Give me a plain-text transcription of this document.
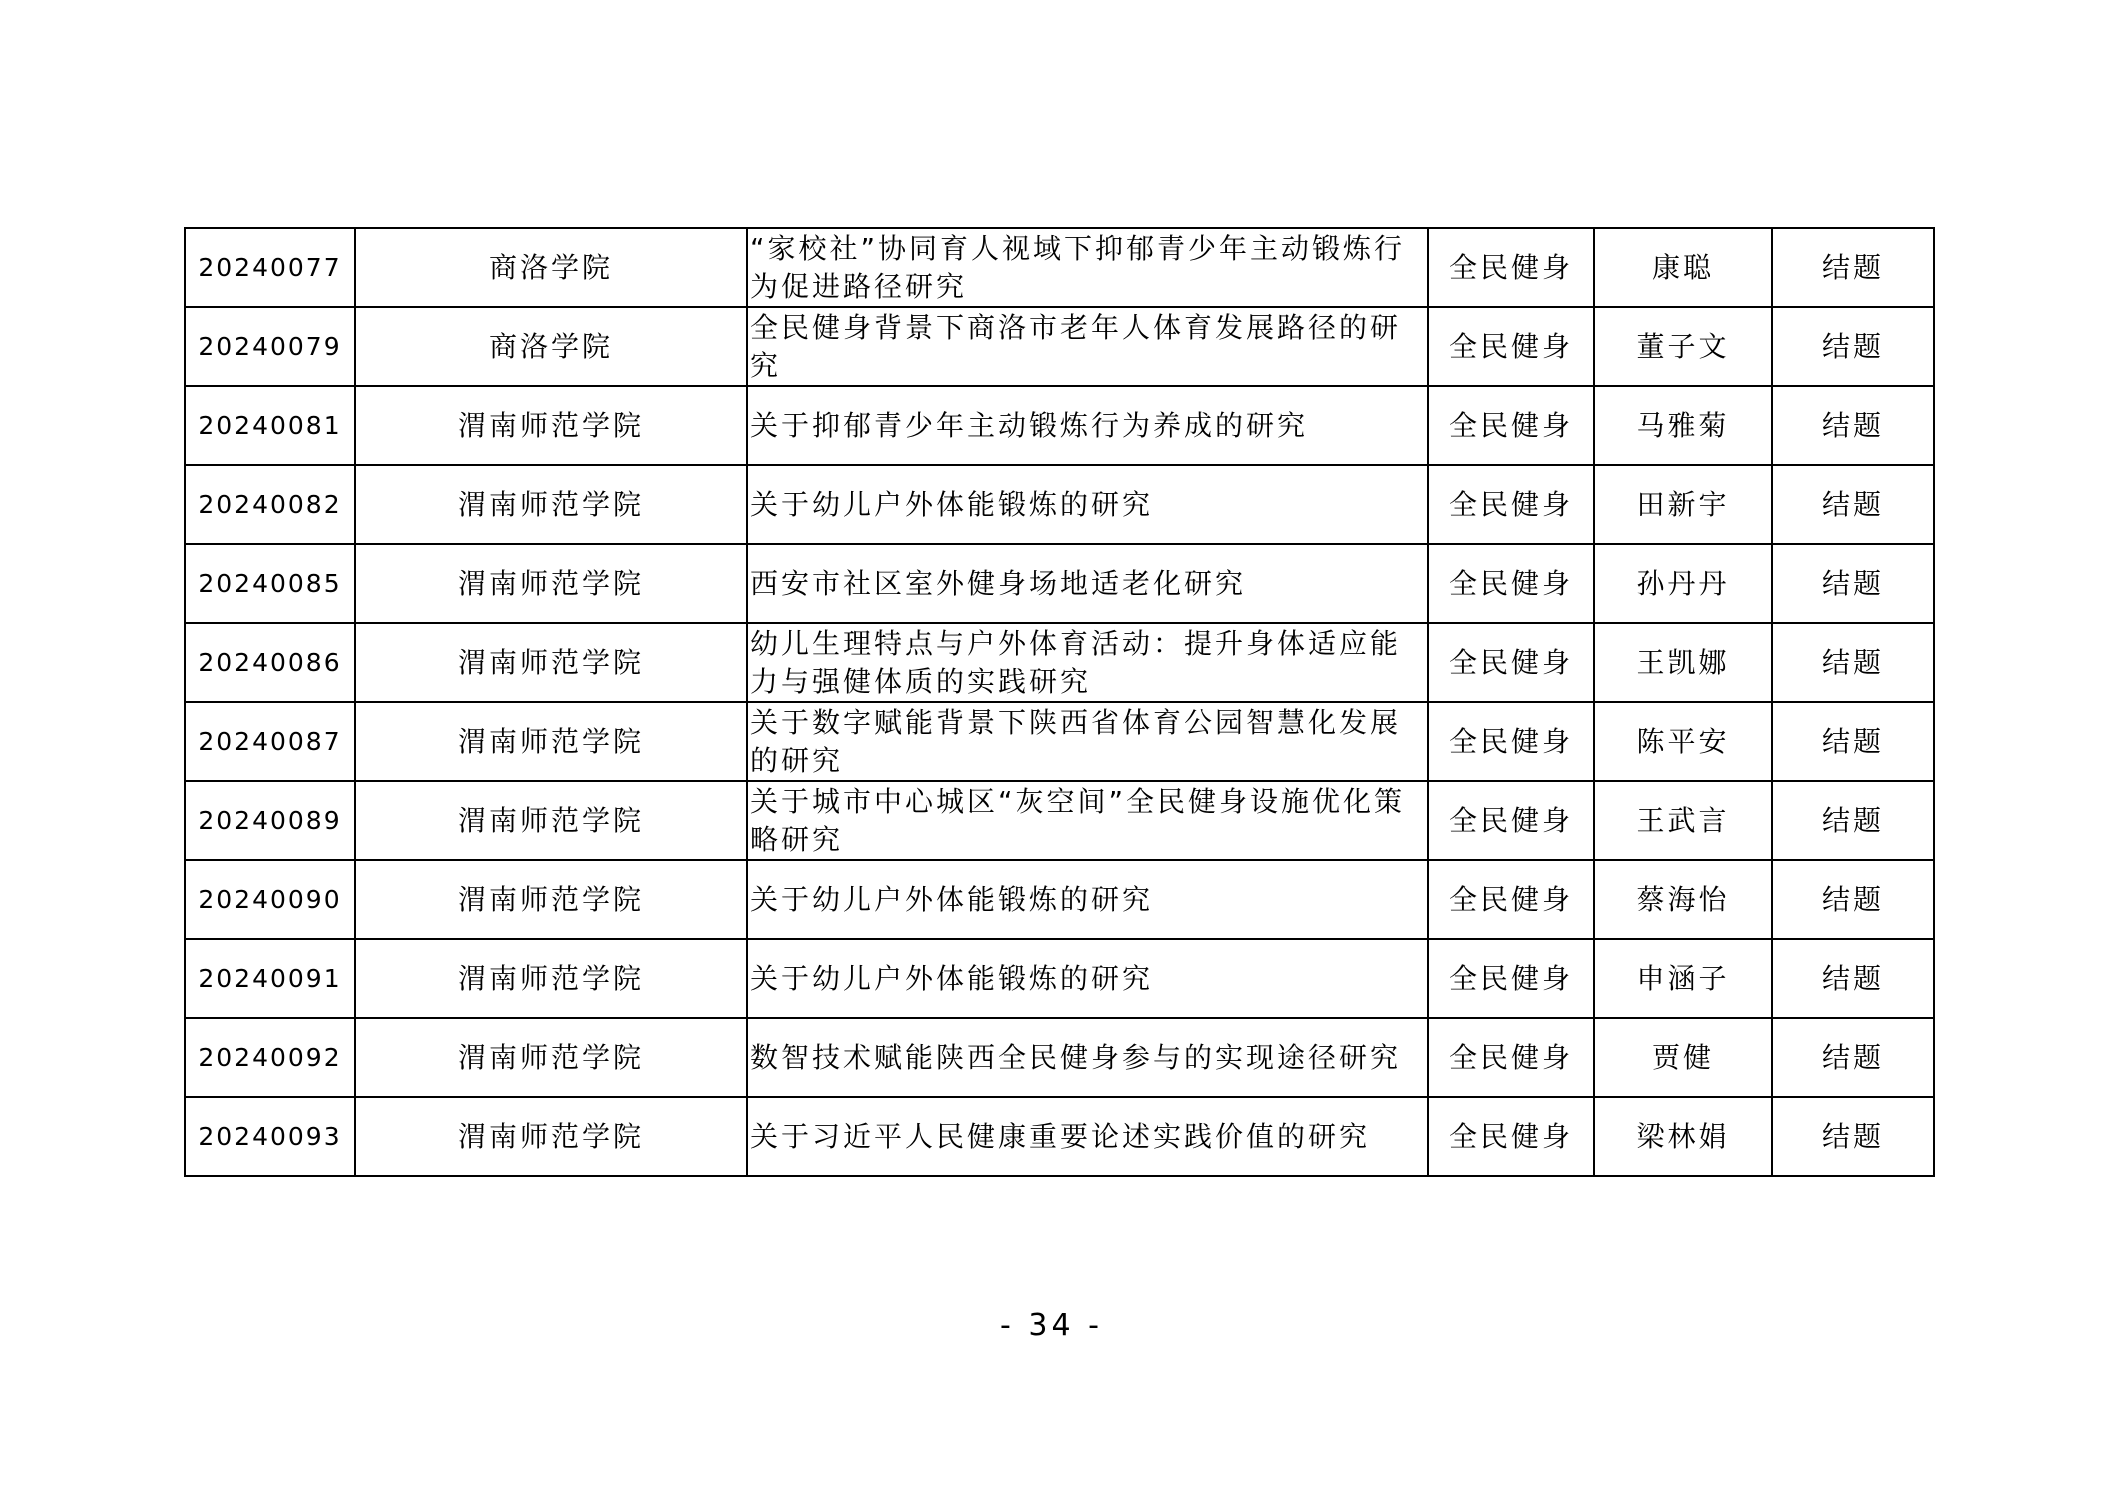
20240077	商洛学院	“家校社”协同育人视域下抑郁青少年主动锻炼行为促进路径研究	全民健身	康聪	结题
20240079	商洛学院	全民健身背景下商洛市老年人体育发展路径的研究	全民健身	董子文	结题
20240081	渭南师范学院	关于抑郁青少年主动锻炼行为养成的研究	全民健身	马雅菊	结题
20240082	渭南师范学院	关于幼儿户外体能锻炼的研究	全民健身	田新宇	结题
20240085	渭南师范学院	西安市社区室外健身场地适老化研究	全民健身	孙丹丹	结题
20240086	渭南师范学院	幼儿生理特点与户外体育活动：提升身体适应能力与强健体质的实践研究	全民健身	王凯娜	结题
20240087	渭南师范学院	关于数字赋能背景下陕西省体育公园智慧化发展的研究	全民健身	陈平安	结题
20240089	渭南师范学院	关于城市中心城区“灰空间”全民健身设施优化策略研究	全民健身	王武言	结题
20240090	渭南师范学院	关于幼儿户外体能锻炼的研究	全民健身	蔡海怡	结题
20240091	渭南师范学院	关于幼儿户外体能锻炼的研究	全民健身	申涵子	结题
20240092	渭南师范学院	数智技术赋能陕西全民健身参与的实现途径研究	全民健身	贾健	结题
20240093	渭南师范学院	关于习近平人民健康重要论述实践价值的研究	全民健身	梁林娟	结题
- 34 -
